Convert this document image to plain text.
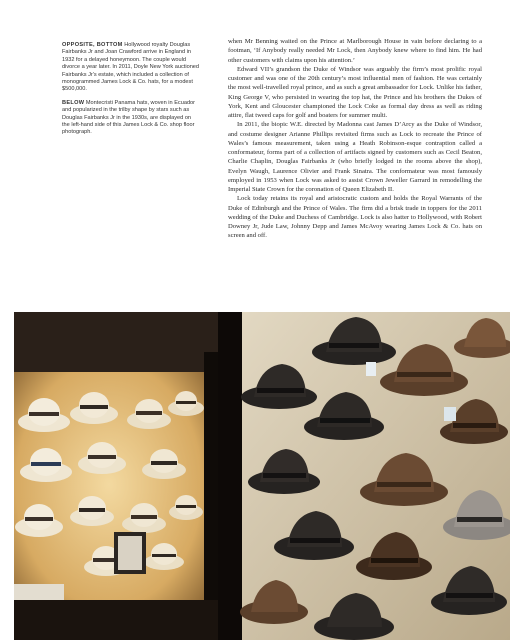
OPPOSITE, BOTTOM Hollywood royalty Douglas Fairbanks Jr and Joan Crawford arrive in England in 1932 for a delayed honeymoon. The couple would divorce a year later. In 2011, Doyle New York auctioned Fairbanks Jr's estate, which included a collection of monogrammed James Lock & Co. hats, for a modest $500,000.

BELOW Montecristi Panama hats, woven in Ecuador and popularized in the trilby shape by stars such as Douglas Fairbanks Jr in the 1930s, are displayed on the left-hand side of this James Lock & Co. shop floor photograph.

when Mr Benning waited on the Prince at Marlborough House in vain before declaring to a footman, ‘If Anybody really needed Mr Lock, then Anybody knew where to find him. He had other customers with claims upon his attention.’

Edward VII’s grandson the Duke of Windsor was arguably the firm’s most prolific royal customer and was one of the 20th century’s most influential men of fashion. He was certainly the most well-travelled royal prince, and as such a great ambassador for Lock. Unlike his father, King George V, who persisted in wearing the top hat, the Prince and his brothers the Dukes of York, Kent and Gloucester championed the Lock Coke as formal day dress as well as riding attire, flat tweed caps for golf and boaters for summer multi.

In 2011, the biopic W.E. directed by Madonna cast James D’Arcy as the Duke of Windsor, and costume designer Arianne Phillips revisited firms such as Lock to recreate the Prince of Wales’s famous measurement, taken using a Heath Robinson-esque contraption called a conformateur, forms part of a collection of artifacts signed by customers such as Cecil Beaton, Charlie Chaplin, Douglas Fairbanks Jr (who briefly lodged in the rooms above the shop), Evelyn Waugh, Laurence Olivier and Frank Sinatra. The conformateur was most famously employed in 1953 when Lock was asked to assist Crown Jeweller Garrard in remodelling the Imperial State Crown for the coronation of Queen Elizabeth II.

Lock today retains its royal and aristocratic custom and holds the Royal Warrants of the Duke of Edinburgh and the Prince of Wales. The firm did a brisk trade in toppers for the 2011 wedding of the Duke and Duchess of Cambridge. Lock is also hatter to Hollywood, with Robert Downey Jr, Jude Law, Johnny Depp and James McAvoy wearing James Lock & Co. hats on screen and off.
